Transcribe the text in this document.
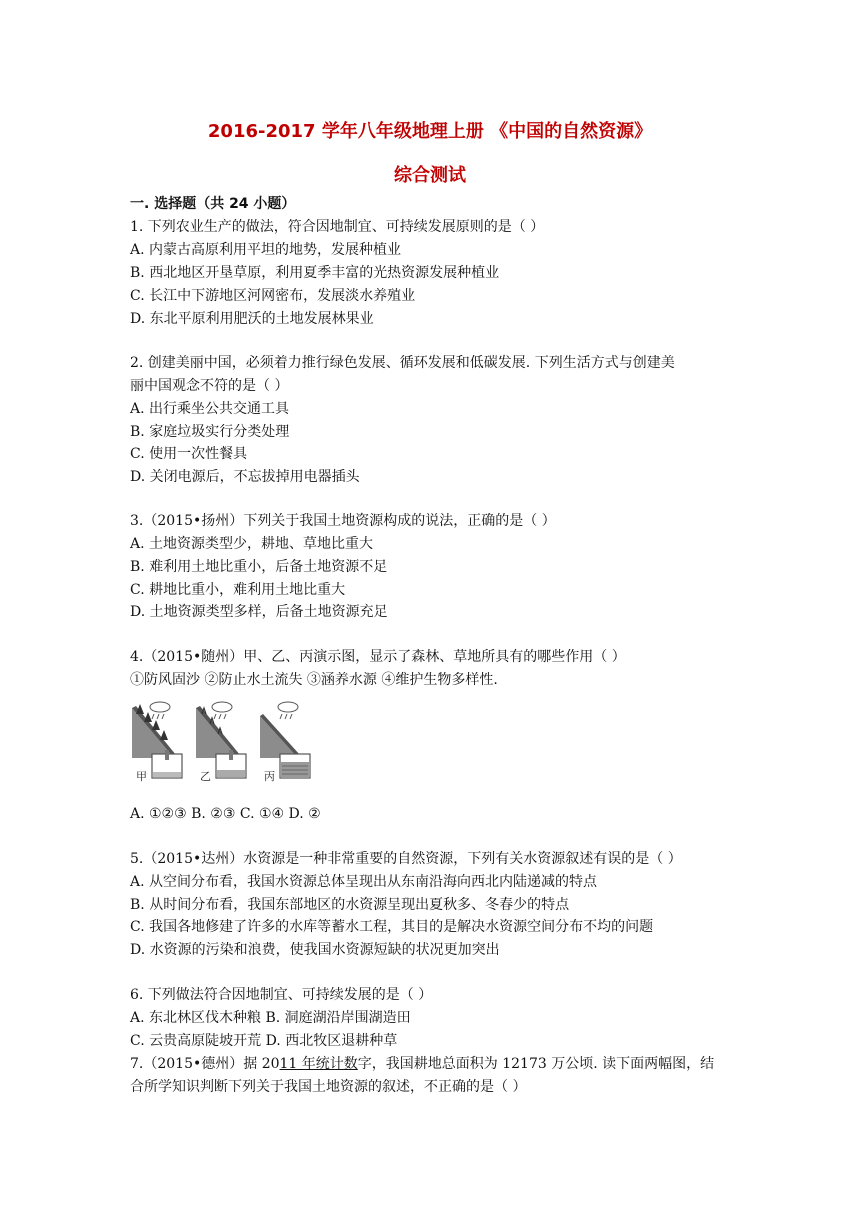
2016-2017 学年八年级地理上册 《中国的自然资源》
综合测试
一. 选择题（共 24 小题）
1. 下列农业生产的做法，符合因地制宜、可持续发展原则的是（ ）
A. 内蒙古高原利用平坦的地势，发展种植业
B. 西北地区开垦草原，利用夏季丰富的光热资源发展种植业
C. 长江中下游地区河网密布，发展淡水养殖业
D. 东北平原利用肥沃的土地发展林果业
2. 创建美丽中国，必须着力推行绿色发展、循环发展和低碳发展. 下列生活方式与创建美
丽中国观念不符的是（ ）
A. 出行乘坐公共交通工具
B. 家庭垃圾实行分类处理
C. 使用一次性餐具
D. 关闭电源后，不忘拔掉用电器插头
3.（2015•扬州）下列关于我国土地资源构成的说法，正确的是（ ）
A. 土地资源类型少，耕地、草地比重大
B. 难利用土地比重小，后备土地资源不足
C. 耕地比重小，难利用土地比重大
D. 土地资源类型多样，后备土地资源充足
4.（2015•随州）甲、乙、丙演示图，显示了森林、草地所具有的哪些作用（ ）
①防风固沙 ②防止水土流失 ③涵养水源 ④维护生物多样性.
甲	乙	丙
A. ①②③ B. ②③ C. ①④ D. ②
5.（2015•达州）水资源是一种非常重要的自然资源，下列有关水资源叙述有误的是（ ）
A. 从空间分布看，我国水资源总体呈现出从东南沿海向西北内陆递减的特点
B. 从时间分布看，我国东部地区的水资源呈现出夏秋多、冬春少的特点
C. 我国各地修建了许多的水库等蓄水工程，其目的是解决水资源空间分布不均的问题
D. 水资源的污染和浪费，使我国水资源短缺的状况更加突出
6. 下列做法符合因地制宜、可持续发展的是（ ）
A. 东北林区伐木种粮 B. 洞庭湖沿岸围湖造田
C. 云贵高原陡坡开荒 D. 西北牧区退耕种草
7.（2015•德州）据 2011 年统计数字，我国耕地总面积为 12173 万公顷. 读下面两幅图，结
合所学知识判断下列关于我国土地资源的叙述，不正确的是（ ）
